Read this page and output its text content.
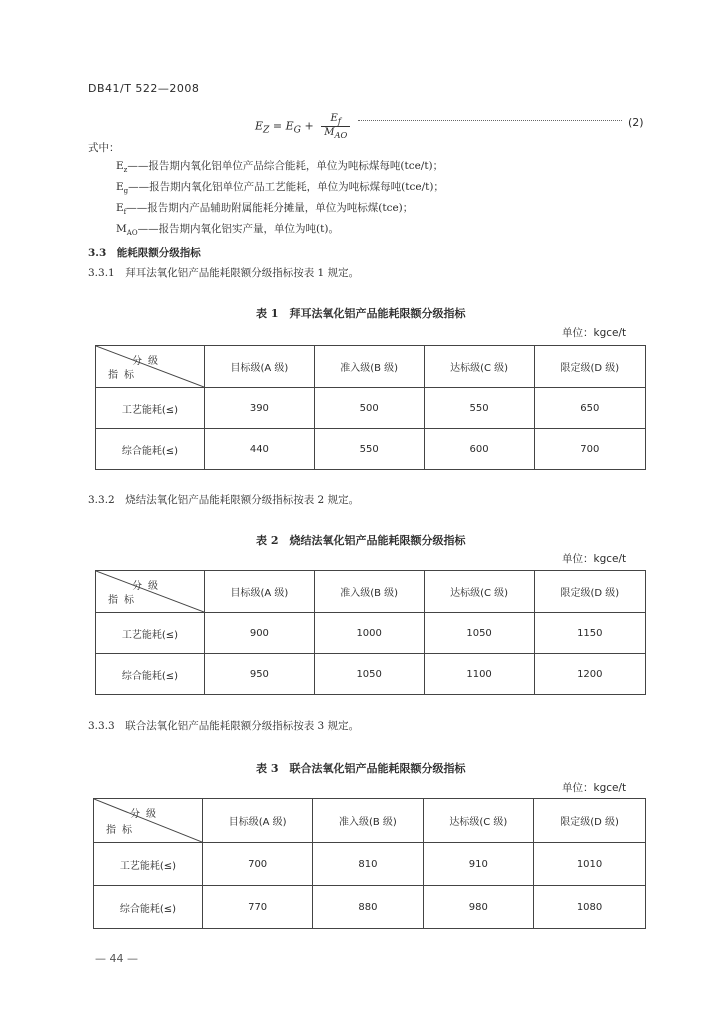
DB41/T 522—2008
$E_Z = E_G + \frac{E_f}{M_{AO}}$	(2)
式中：
$E_z——$报告期内氧化铝单位产品综合能耗，单位为吨标煤每吨(tce/t)；
$E_g——$报告期内氧化铝单位产品工艺能耗，单位为吨标煤每吨(tce/t)；
$E_f——$报告期内产品辅助附属能耗分摊量，单位为吨标煤(tce)；
$M_{AO}——$报告期内氧化铝实产量，单位为吨(t)。
3.3　能耗限额分级指标
3.3.1　拜耳法氧化铝产品能耗限额分级指标按表 1 规定。
表 1　拜耳法氧化铝产品能耗限额分级指标
单位：kgce/t
分级
指标	目标级(A 级)	准入级(B 级)	达标级(C 级)	限定级(D 级)
工艺能耗(≤)	390	500	550	650
综合能耗(≤)	440	550	600	700
3.3.2　烧结法氧化铝产品能耗限额分级指标按表 2 规定。
表 2　烧结法氧化铝产品能耗限额分级指标
单位：kgce/t
分级
指标	目标级(A 级)	准入级(B 级)	达标级(C 级)	限定级(D 级)
工艺能耗(≤)	900	1000	1050	1150
综合能耗(≤)	950	1050	1100	1200
3.3.3　联合法氧化铝产品能耗限额分级指标按表 3 规定。
表 3　联合法氧化铝产品能耗限额分级指标
单位：kgce/t
分级
指标	目标级(A 级)	准入级(B 级)	达标级(C 级)	限定级(D 级)
工艺能耗(≤)	700	810	910	1010
综合能耗(≤)	770	880	980	1080
— 44 —
